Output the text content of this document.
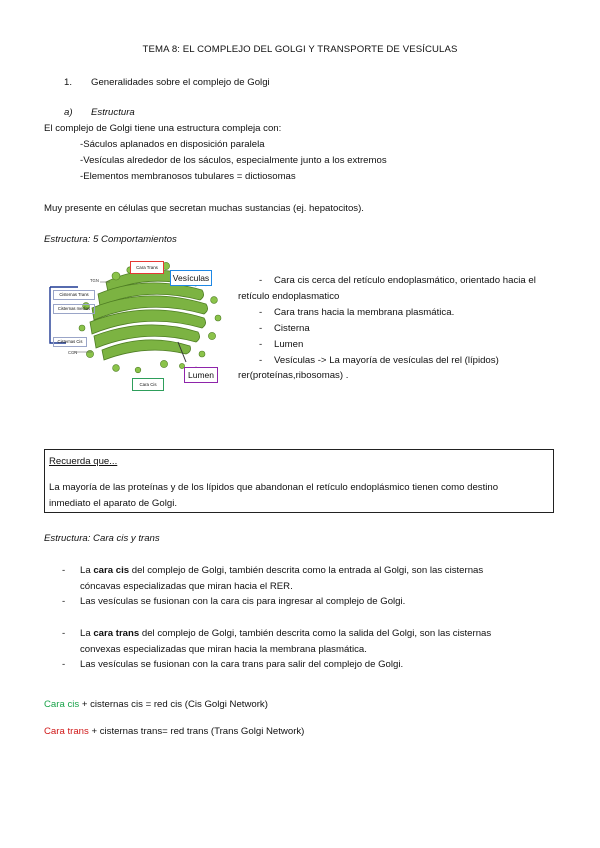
TEMA 8: EL COMPLEJO DEL GOLGI Y TRANSPORTE DE VESÍCULAS
1. Generalidades sobre el complejo de Golgi
a) Estructura
El complejo de Golgi tiene una estructura compleja con:
-Sáculos aplanados en disposición paralela
-Vesículas alrededor de los sáculos, especialmente junto a los extremos
-Elementos membranosos tubulares = dictiosomas
Muy presente en células que secretan muchas sustancias (ej. hepatocitos).
Estructura: 5 Comportamientos
Cara Trans
Vesículas
Lumen
Cara Cis
TGN
Cisternas Trans
Cisternas medias
Cisternas Cis
CGN
- Cara cis cerca del retículo endoplasmático, orientado hacia el
retículo endoplasmatico
- Cara trans hacia la membrana plasmática.
- Cisterna
- Lumen
- Vesículas -> La mayoría de vesículas del rel (lípidos)
rer(proteínas,ribosomas) .
Recuerda que...
La mayoría de las proteínas y de los lípidos que abandonan el retículo endoplásmico tienen como destino inmediato el aparato de Golgi.
Estructura: Cara cis y trans
- La cara cis del complejo de Golgi, también descrita como la entrada al Golgi, son las cisternas cóncavas especializadas que miran hacia el RER.
- Las vesículas se fusionan con la cara cis para ingresar al complejo de Golgi.
- La cara trans del complejo de Golgi, también descrita como la salida del Golgi, son las cisternas convexas especializadas que miran hacia la membrana plasmática.
- Las vesículas se fusionan con la cara trans para salir del complejo de Golgi.
Cara cis + cisternas cis = red cis (Cis Golgi Network)
Cara trans + cisternas trans= red trans (Trans Golgi Network)
